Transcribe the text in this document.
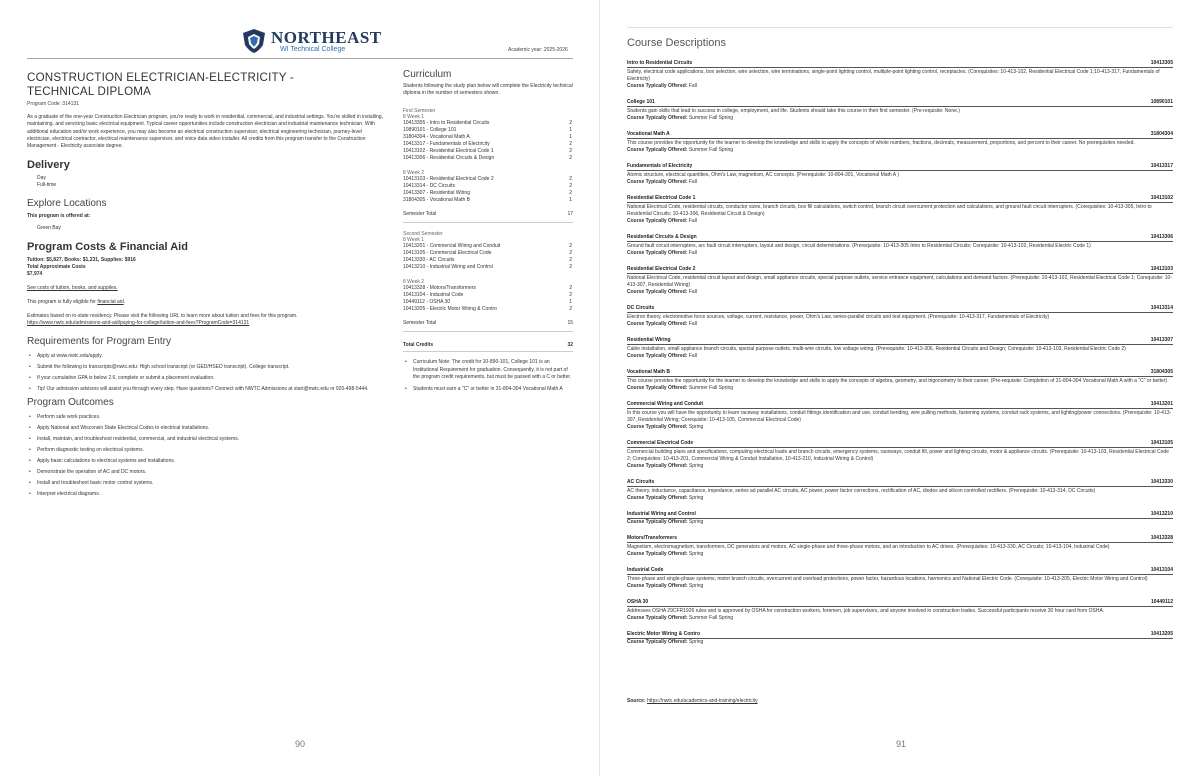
NORTHEAST
WI Technical College	Academic year: 2025-2026
CONSTRUCTION ELECTRICIAN-ELECTRICITY -
TECHNICAL DIPLOMA
Program Code: 314131

As a graduate of the one-year Construction Electrician program, you're ready to work in residential, commercial, and industrial settings. You're skilled in installing, maintaining, and servicing basic electrical equipment. Typical career opportunities include construction electrician and industrial maintenance technician. With additional education and/or work experience, you may also become an electrical construction supervisor, electrical engineering technician, journey-level electrician, electrical contractor, electrical maintenance supervisor, and voice data video installer. All credits from this program transfer to the Construction Management - Electricity associate degree.

Delivery
Day
Full-time
Explore Locations
This program is offered at:
Green Bay
Program Costs & Financial Aid
Tuition: $5,827, Books: $1,231, Supplies: $916
Total Approximate Costs
$7,974
See costs of tuition, books, and supplies.
This program is fully eligible for financial aid.
Estimates based on in-state residency. Please visit the following URL to learn more about tuition and fees for this program.
https://www.nwtc.edu/admissions-and-aid/paying-for-college/tuition-and-fees?ProgramCode=314131
Requirements for Program Entry
• Apply at www.nwtc.edu/apply.
• Submit the following to transcripts@nwtc.edu: High school transcript (or GED/HSED transcript). College transcript.
• If your cumulative GPA is below 2.6, complete or submit a placement evaluation.
• Tip! Our admission advisors will assist you through every step. Have questions? Connect with NWTC Admissions at start@nwtc.edu or 920-498-5444.
Program Outcomes
• Perform safe work practices.
• Apply National and Wisconsin State Electrical Codes to electrical installations.
• Install, maintain, and troubleshoot residential, commercial, and industrial electrical systems.
• Perform diagnostic testing on electrical systems.
• Apply basic calculations to electrical systems and installations.
• Demonstrate the operation of AC and DC motors.
• Install and troubleshoot basic motor control systems.
• Interpret electrical diagrams.
Curriculum
Students following the study plan below will complete the Electricity technical diploma in the number of semesters shown.
First Semester
8 Week 1
10413305 - Intro to Residential Circuits	2
10890101 - College 101	1
31804304 - Vocational Math A	1
10413317 - Fundamentals of Electricity	2
10413102 - Residential Electrical Code 1	2
10413306 - Residential Circuits & Design	2
8 Week 2
10413103 - Residential Electrical Code 2	2
10413314 - DC Circuits	2
10413307 - Residential Wiring	2
31804305 - Vocational Math B	1
Semester Total	17
Second Semester
8 Week 1
10413201 - Commercial Wiring and Conduit	2
10413105 - Commercial Electrical Code	2
10413330 - AC Circuits	2
10413210 - Industrial Wiring and Control	2
8 Week 2
10413328 - Motors/Transformers	2
10413104 - Industrial Code	2
10449112 - OSHA 30	1
10413205 - Electric Motor Wiring & Contro	2
Semester Total	15
Total Credits	32
• Curriculum Note: The credit for 10-890-101, College 101 is an Institutional Requirement for graduation. Consequently, it is not part of the program credit requirements, but must be passed with a C or better.
• Students must earn a "C" or better in 31-804-304 Vocational Math A
90
Course Descriptions
Intro to Residential Circuits	10413305
Safety, electrical code applications, box selection, wire selection, wire terminations, single-point lighting control, multiple-point lighting control, receptacles. (Corequisites: 10-413-102, Residential Electrical Code 1;10-413-317, Fundamentals of Electricity)
Course Typically Offered: Fall
College 101	10890101
Students gain skills that lead to success in college, employment, and life. Students should take this course in their first semester. (Pre-requisite: None.)
Course Typically Offered: Summer Fall Spring
Vocational Math A	31804304
This course provides the opportunity for the learner to develop the knowledge and skills to apply the concepts of whole numbers, fractions, decimals, measurement, proportions, and percent to their career. No prerequisites needed.
Course Typically Offered: Summer Fall Spring
Fundamentals of Electricity	10413317
Atomic structure, electrical quantities, Ohm's Law, magnetism, AC concepts. (Prerequisite: 10-804-301, Vocational Math A )
Course Typically Offered: Fall
Residential Electrical Code 1	10413102
National Electrical Code, residential circuits, conductor sizes, branch circuits, box fill calculations, switch control, branch circuit overcurrent protection and calculations, and ground fault circuit interrupters. (Corequisites: 10-413-305, Intro to Residential Circuits; 10-413-306, Residential Circuit & Design)
Course Typically Offered: Fall
Residential Circuits & Design	10413306
Ground fault circuit interrupters, arc fault circuit interrupters, layout and design, circuit determinations. (Prerequisite: 10-413-305 Intro to Residential Circuits; Corequisite: 10-413-102, Residential Electric Code 1)
Course Typically Offered: Fall
Residential Electrical Code 2	10413103
National Electrical Code, residential circuit layout and design, small appliance circuits, special purpose outlets, service entrance equipment, calculations and demand factors. (Prerequisite: 10-413-102, Residential Electrical Code 1; Corequisite: 10-413-307, Residential Wiring)
Course Typically Offered: Fall
DC Circuits	10413314
Electron theory, electromotive force sources, voltage, current, resistance, power, Ohm's Law, series-parallel circuits and test equipment. (Prerequisite: 10-413-317, Fundamentals of Electricity)
Course Typically Offered: Fall
Residential Wiring	10413307
Cable installation, small appliance branch circuits, special purpose outlets, multi-wire circuits, low voltage wiring. (Prerequisite: 10-413-306, Residential Circuits and Design; Corequisite: 10-413-103, Residential Electric Code 2)
Course Typically Offered: Fall
Vocational Math B	31804305
This course provides the opportunity for the learner to develop the knowledge and skills to apply the concepts of algebra, geometry, and trigonometry to their career. (Pre-requisite: Completion of 31-804-304 Vocational Math A with a "C" or better)
Course Typically Offered: Summer Fall Spring
Commercial Wiring and Conduit	10413201
In this course you will have the opportunity to learn raceway installations, conduit fittings identification and use, conduit bending, wire pulling methods, fastening systems, conduit rack systems, and lighting/power connections. (Prerequisite: 10-413-307, Residential Wiring; Corequisite: 10-413-105, Commercial Electrical Code)
Course Typically Offered: Spring
Commercial Electrical Code	10413105
Commercial building plans and specifications, computing electrical loads and branch circuits, emergency systems, raceways, conduit fill, power and lighting circuits, motor & appliance circuits. (Prerequisite: 10-413-103, Residential Electrical Code 2; Corequisites: 10-413-201, Commercial Wiring & Conduit Installation, 10-413-210, Industrial Wiring & Control)
Course Typically Offered: Spring
AC Circuits	10413330
AC theory, inductance, capacitance, impedance, series ad parallel AC circuits, AC power, power factor corrections, rectification of AC, diodes and silicon controlled rectifiers. (Prerequisite: 10-413-314, DC Circuits)
Course Typically Offered: Spring
Industrial Wiring and Control	10413210
Course Typically Offered: Spring
Motors/Transformers	10413328
Magnetism, electromagnetism, transformers, DC generators and motors, AC single-phase and three-phase motors, and an introduction to AC drives. (Prerequisites: 10-413-330, AC Circuits; 10-413-104, Industrial Code)
Course Typically Offered: Spring
Industrial Code	10413104
Three-phase and single-phase systems, motor branch circuits, overcurrent and overload protections, power factor, hazardous locations, harmonics and National Electric Code. (Corequisite: 10-413-205, Electric Motor Wiring and Control)
Course Typically Offered: Spring
OSHA 30	10449112
Addresses OSHA 29CFR1926 rules and is approved by OSHA for construction workers, foremen, job supervisors, and anyone involved in construction trades. Successful participants receive 30 hour card from OSHA.
Course Typically Offered: Summer Fall Spring
Electric Motor Wiring & Contro	10413205
Course Typically Offered: Spring
Source: https://nwtc.edu/academics-and-training/electricity
91
